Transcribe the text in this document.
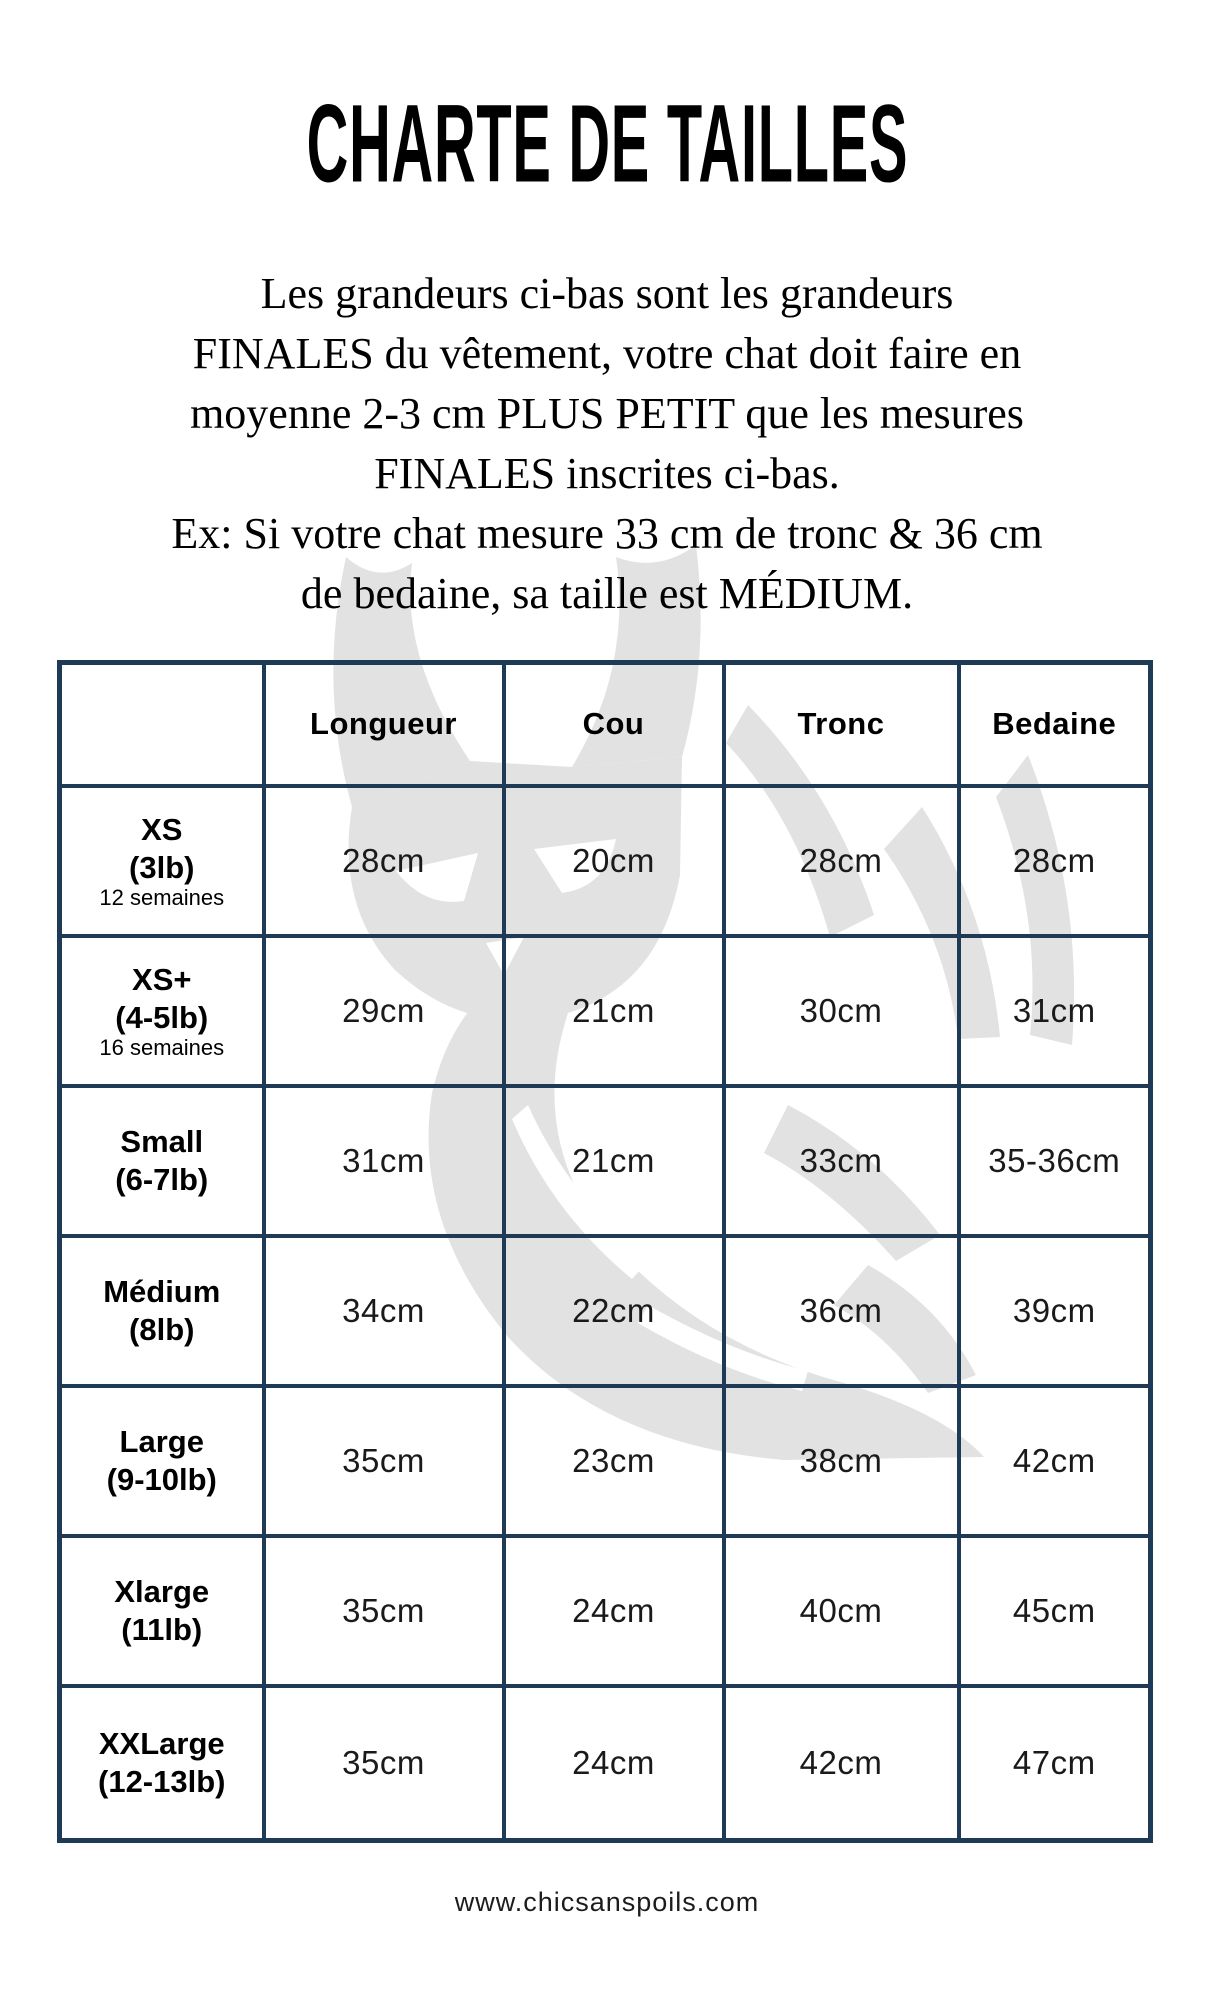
CHARTE DE TAILLES
Les grandeurs ci-bas sont les grandeurs
FINALES du vêtement, votre chat doit faire en
moyenne 2-3 cm PLUS PETIT que les mesures
FINALES inscrites ci-bas.
Ex: Si votre chat mesure 33 cm de tronc & 36 cm
de bedaine, sa taille est MÉDIUM.
	Longueur	Cou	Tronc	Bedaine

XS
(3lb)
12 semaines	28cm	20cm	28cm	28cm

XS+
(4-5lb)
16 semaines	29cm	21cm	30cm	31cm

Small
(6-7lb)	31cm	21cm	33cm	35-36cm

Médium
(8lb)	34cm	22cm	36cm	39cm

Large
(9-10lb)	35cm	23cm	38cm	42cm

Xlarge
(11lb)	35cm	24cm	40cm	45cm

XXLarge
(12-13lb)	35cm	24cm	42cm	47cm
www.chicsanspoils.com
